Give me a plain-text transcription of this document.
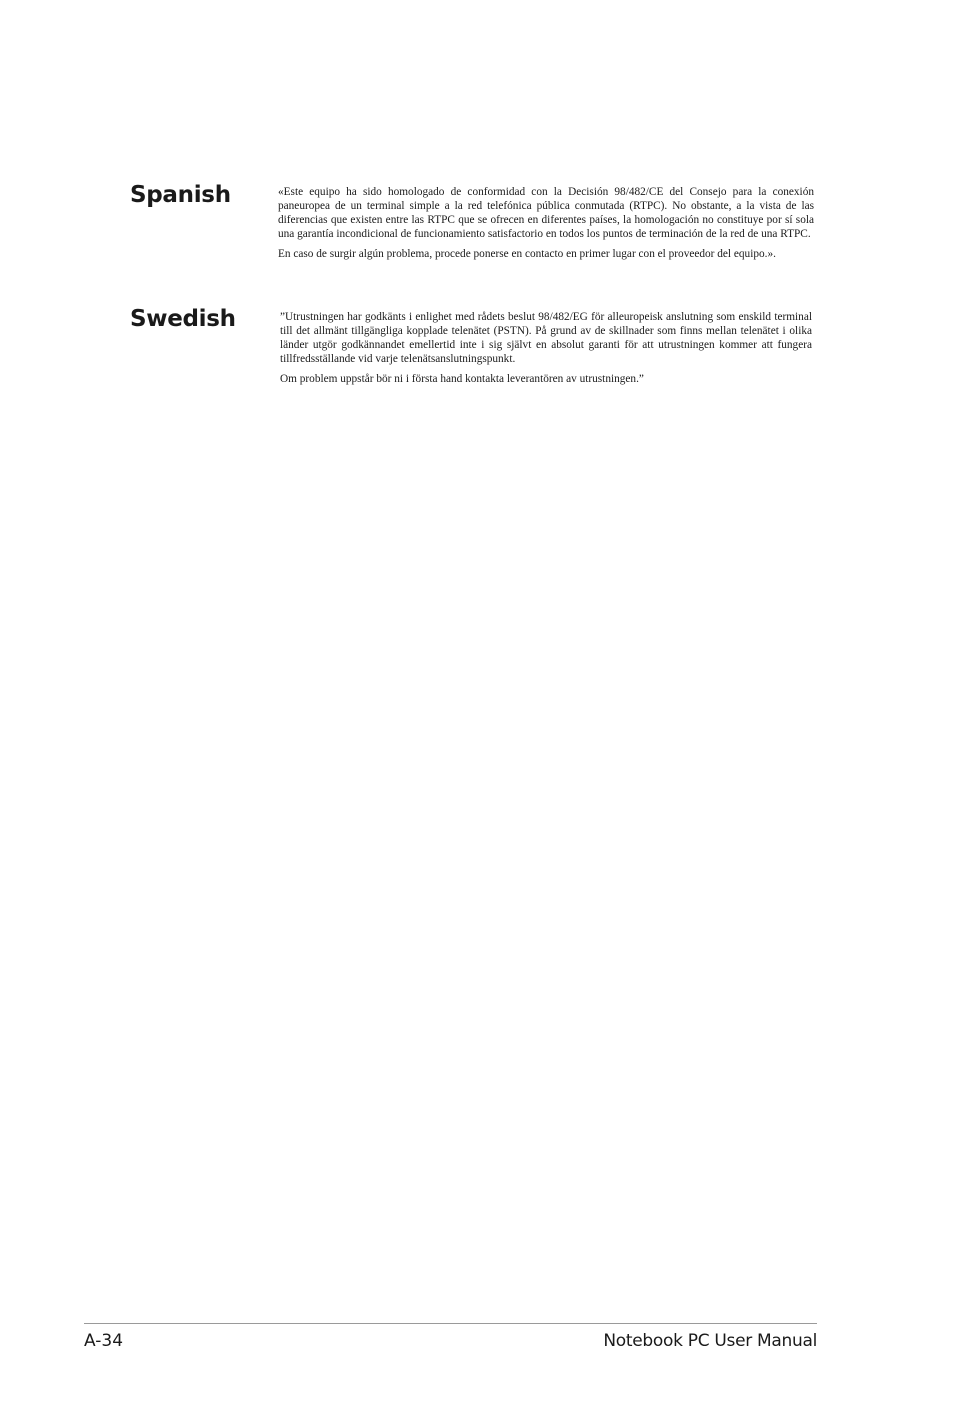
Spanish	«Este equipo ha sido homologado de conformidad con la Decisión 98/482/CE del Consejo para la conexión paneuropea de un terminal simple a la red telefónica pública conmutada (RTPC). No obstante, a la vista de las diferencias que existen entre las RTPC que se ofrecen en diferentes países, la homologación no constituye por sí sola una garantía incondicional de funcionamiento satisfactorio en todos los puntos de terminación de la red de una RTPC.

En caso de surgir algún problema, procede ponerse en contacto en primer lugar con el proveedor del equipo.».

Swedish	”Utrustningen har godkänts i enlighet med rådets beslut 98/482/EG för alleuropeisk anslutning som enskild terminal till det allmänt tillgängliga kopplade telenätet (PSTN). På grund av de skillnader som finns mellan telenätet i olika länder utgör godkännandet emellertid inte i sig självt en absolut garanti för att utrustningen kommer att fungera tillfredsställande vid varje telenätsanslutningspunkt.

Om problem uppstår bör ni i första hand kontakta leverantören av utrustningen.”

A-34	Notebook PC User Manual
